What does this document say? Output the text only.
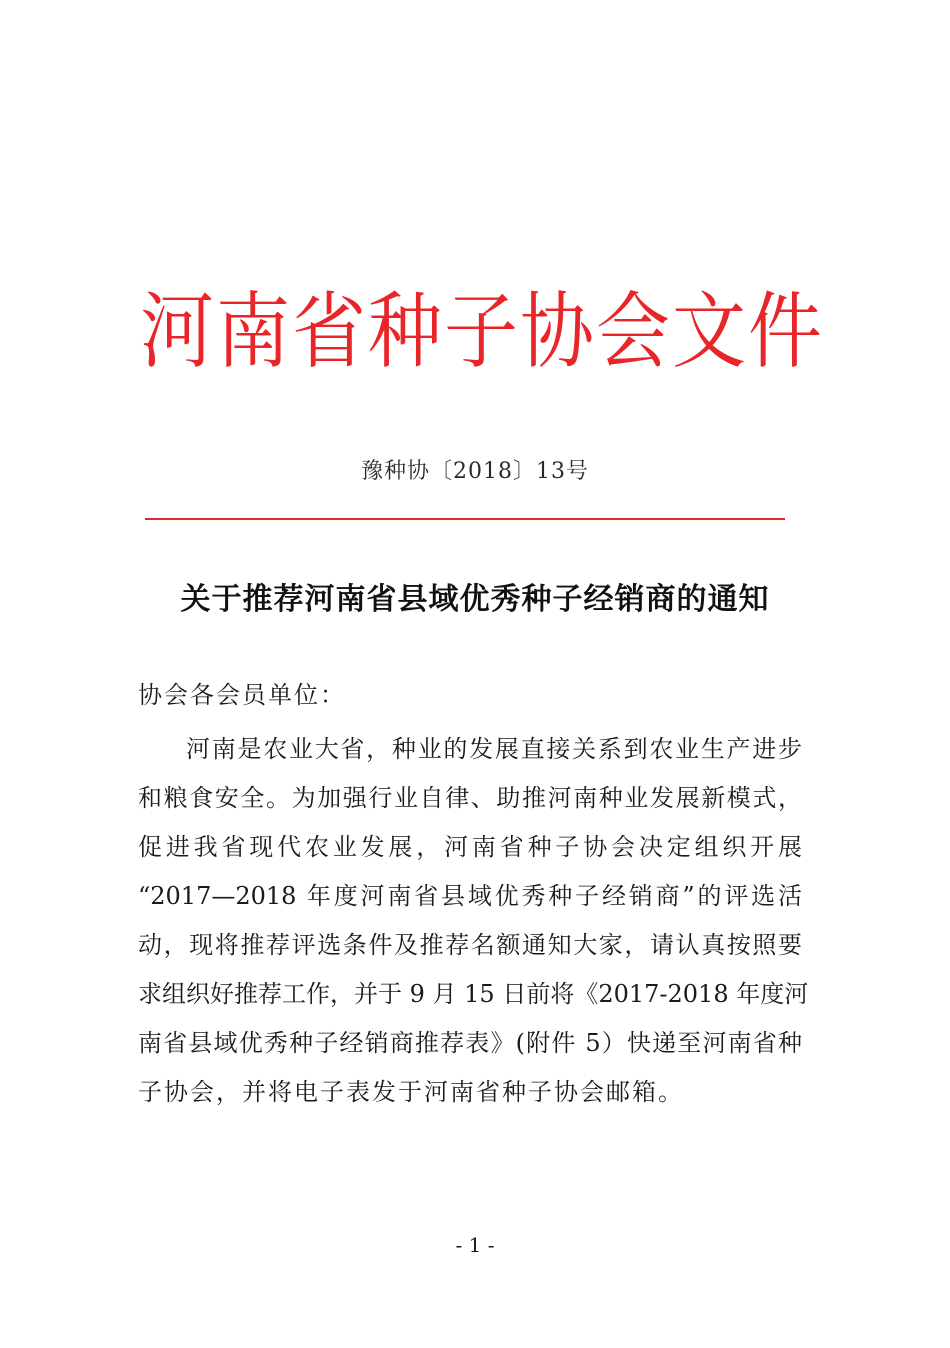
河南省种子协会文件
豫种协〔2018〕13号
关于推荐河南省县域优秀种子经销商的通知
协会各会员单位：
河南是农业大省，种业的发展直接关系到农业生产进步
和粮食安全。为加强行业自律、助推河南种业发展新模式，
促进我省现代农业发展，河南省种子协会决定组织开展
“2017—2018 年度河南省县域优秀种子经销商”的评选活
动，现将推荐评选条件及推荐名额通知大家，请认真按照要
求组织好推荐工作，并于 9 月 15 日前将《2017-2018 年度河
南省县域优秀种子经销商推荐表》(附件 5）快递至河南省种
子协会，并将电子表发于河南省种子协会邮箱。
- 1 -
